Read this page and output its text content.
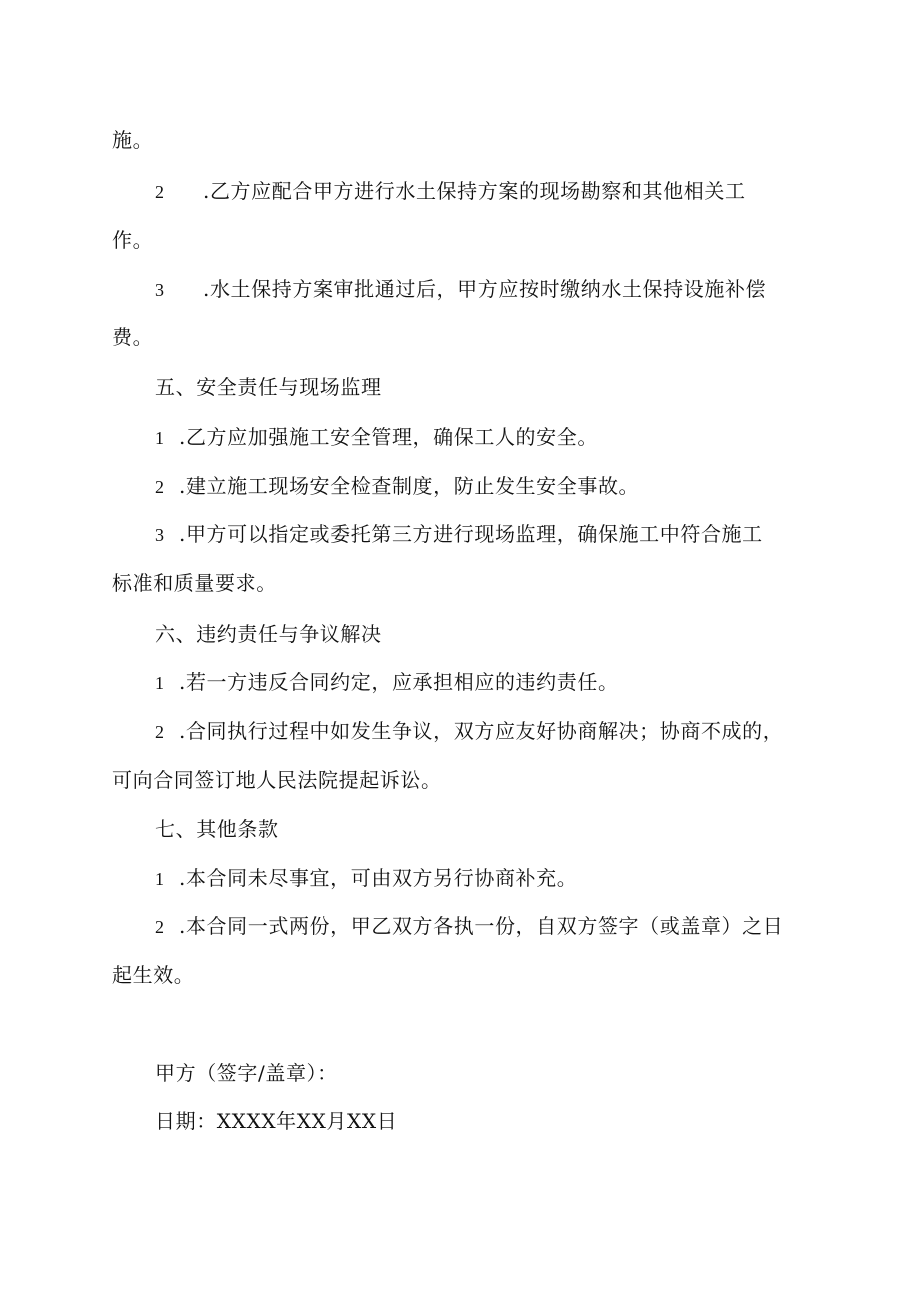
施。
2 .乙方应配合甲方进行水土保持方案的现场勘察和其他相关工
作。
3 .水土保持方案审批通过后，甲方应按时缴纳水土保持设施补偿
费。
五、安全责任与现场监理
1 .乙方应加强施工安全管理，确保工人的安全。
2 .建立施工现场安全检查制度，防止发生安全事故。
3 .甲方可以指定或委托第三方进行现场监理，确保施工中符合施工
标准和质量要求。
六、违约责任与争议解决
1 .若一方违反合同约定，应承担相应的违约责任。
2 .合同执行过程中如发生争议，双方应友好协商解决；协商不成的，
可向合同签订地人民法院提起诉讼。
七、其他条款
1 .本合同未尽事宜，可由双方另行协商补充。
2 .本合同一式两份，甲乙双方各执一份，自双方签字（或盖章）之日
起生效。
甲方（签字/盖章）：
日期：XXXX年XX月XX日
